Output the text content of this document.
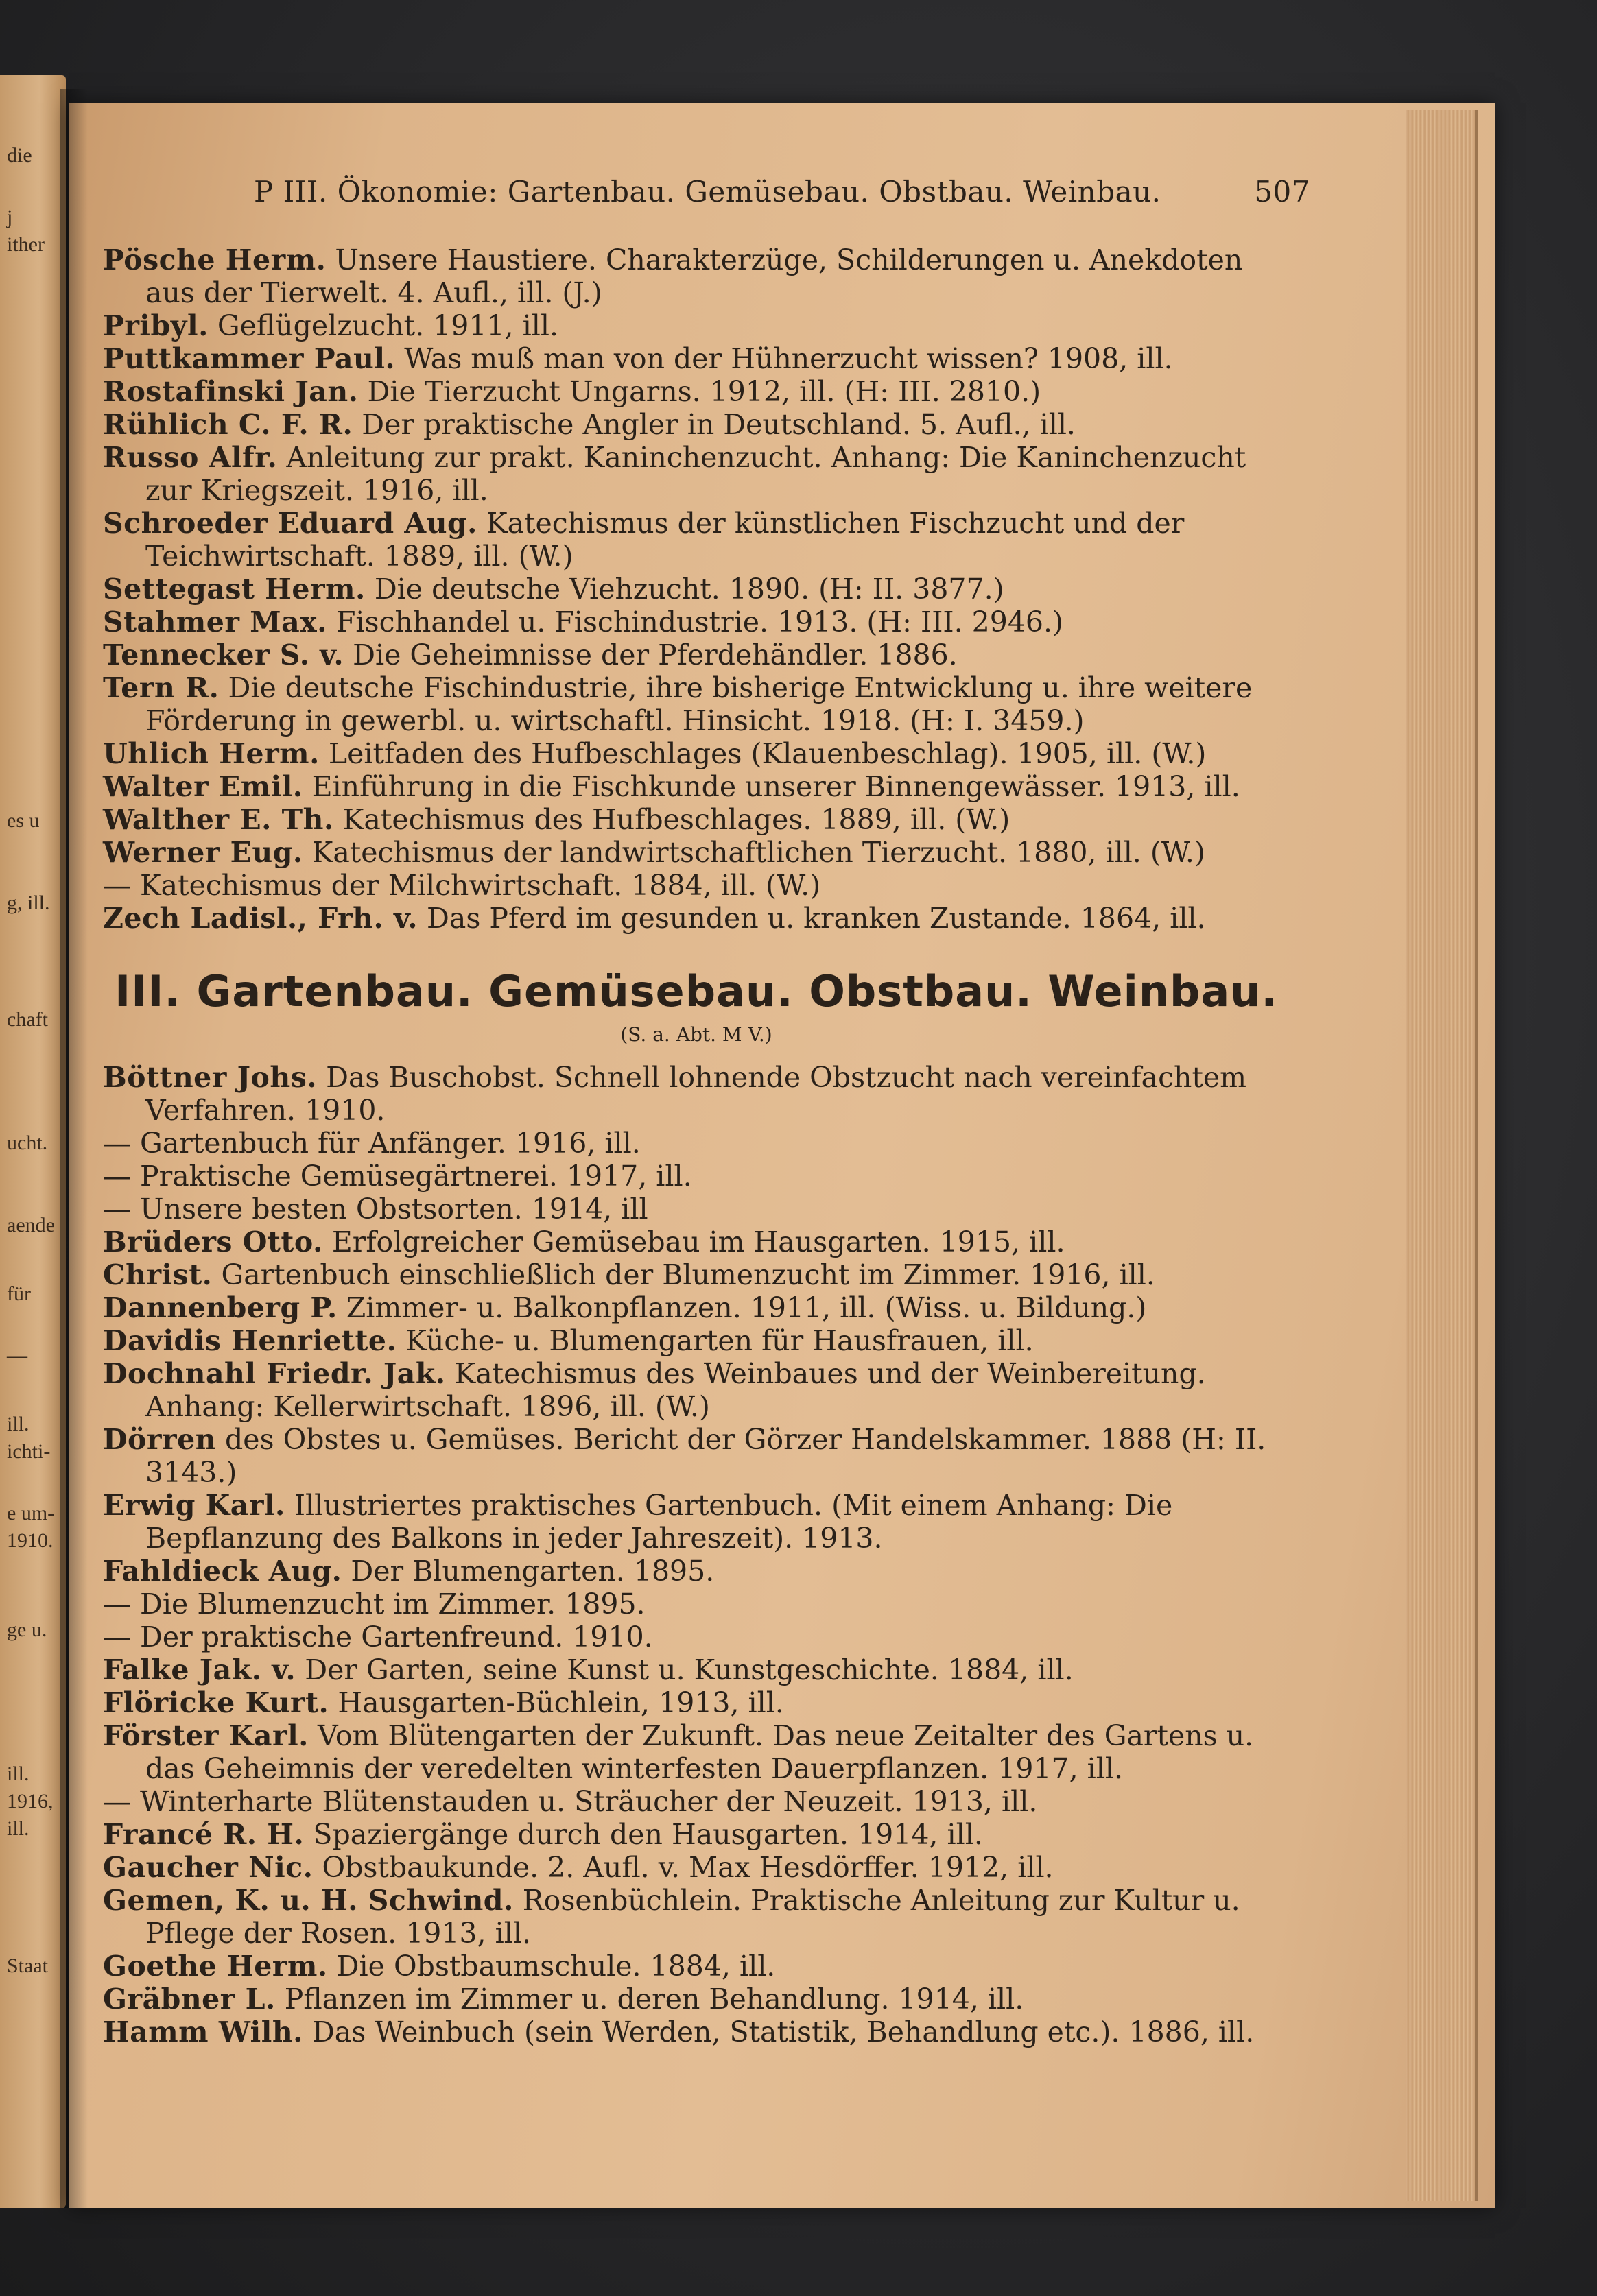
die
j
ither
es u
g, ill.
chaft
ucht.
aende
für
—
ill.
ichti-
e um-
1910.
ge u.
ill.
1916,
ill.
Staat
P III. Ökonomie: Gartenbau. Gemüsebau. Obstbau. Weinbau.	507

Pösche Herm. Unsere Haustiere. Charakterzüge, Schilderungen u. Anekdoten aus der Tierwelt. 4. Aufl., ill. (J.)

Pribyl. Geflügelzucht. 1911, ill.

Puttkammer Paul. Was muß man von der Hühnerzucht wissen? 1908, ill.

Rostafinski Jan. Die Tierzucht Ungarns. 1912, ill. (H: III. 2810.)

Rühlich C. F. R. Der praktische Angler in Deutschland. 5. Aufl., ill.

Russo Alfr. Anleitung zur prakt. Kaninchenzucht. Anhang: Die Kaninchenzucht zur Kriegszeit. 1916, ill.

Schroeder Eduard Aug. Katechismus der künstlichen Fischzucht und der Teichwirtschaft. 1889, ill. (W.)

Settegast Herm. Die deutsche Viehzucht. 1890. (H: II. 3877.)

Stahmer Max. Fischhandel u. Fischindustrie. 1913. (H: III. 2946.)

Tennecker S. v. Die Geheimnisse der Pferdehändler. 1886.

Tern R. Die deutsche Fischindustrie, ihre bisherige Entwicklung u. ihre weitere Förderung in gewerbl. u. wirtschaftl. Hinsicht. 1918. (H: I. 3459.)

Uhlich Herm. Leitfaden des Hufbeschlages (Klauenbeschlag). 1905, ill. (W.)

Walter Emil. Einführung in die Fischkunde unserer Binnengewässer. 1913, ill.

Walther E. Th. Katechismus des Hufbeschlages. 1889, ill. (W.)

Werner Eug. Katechismus der landwirtschaftlichen Tierzucht. 1880, ill. (W.)

— Katechismus der Milchwirtschaft. 1884, ill. (W.)

Zech Ladisl., Frh. v. Das Pferd im gesunden u. kranken Zustande. 1864, ill.

III. Gartenbau. Gemüsebau. Obstbau. Weinbau.
(S. a. Abt. M V.)

Böttner Johs. Das Buschobst. Schnell lohnende Obstzucht nach vereinfachtem Verfahren. 1910.

— Gartenbuch für Anfänger. 1916, ill.

— Praktische Gemüsegärtnerei. 1917, ill.

— Unsere besten Obstsorten. 1914, ill

Brüders Otto. Erfolgreicher Gemüsebau im Hausgarten. 1915, ill.

Christ. Gartenbuch einschließlich der Blumenzucht im Zimmer. 1916, ill.

Dannenberg P. Zimmer- u. Balkonpflanzen. 1911, ill. (Wiss. u. Bildung.)

Davidis Henriette. Küche- u. Blumengarten für Hausfrauen, ill.

Dochnahl Friedr. Jak. Katechismus des Weinbaues und der Weinbereitung. Anhang: Kellerwirtschaft. 1896, ill. (W.)

Dörren des Obstes u. Gemüses. Bericht der Görzer Handelskammer. 1888 (H: II. 3143.)

Erwig Karl. Illustriertes praktisches Gartenbuch. (Mit einem Anhang: Die Bepflanzung des Balkons in jeder Jahreszeit). 1913.

Fahldieck Aug. Der Blumengarten. 1895.

— Die Blumenzucht im Zimmer. 1895.

— Der praktische Gartenfreund. 1910.

Falke Jak. v. Der Garten, seine Kunst u. Kunstgeschichte. 1884, ill.

Flöricke Kurt. Hausgarten-Büchlein, 1913, ill.

Förster Karl. Vom Blütengarten der Zukunft. Das neue Zeitalter des Gartens u. das Geheimnis der veredelten winterfesten Dauerpflanzen. 1917, ill.

— Winterharte Blütenstauden u. Sträucher der Neuzeit. 1913, ill.

Francé R. H. Spaziergänge durch den Hausgarten. 1914, ill.

Gaucher Nic. Obstbaukunde. 2. Aufl. v. Max Hesdörffer. 1912, ill.

Gemen, K. u. H. Schwind. Rosenbüchlein. Praktische Anleitung zur Kultur u. Pflege der Rosen. 1913, ill.

Goethe Herm. Die Obstbaumschule. 1884, ill.

Gräbner L. Pflanzen im Zimmer u. deren Behandlung. 1914, ill.

Hamm Wilh. Das Weinbuch (sein Werden, Statistik, Behandlung etc.). 1886, ill.
